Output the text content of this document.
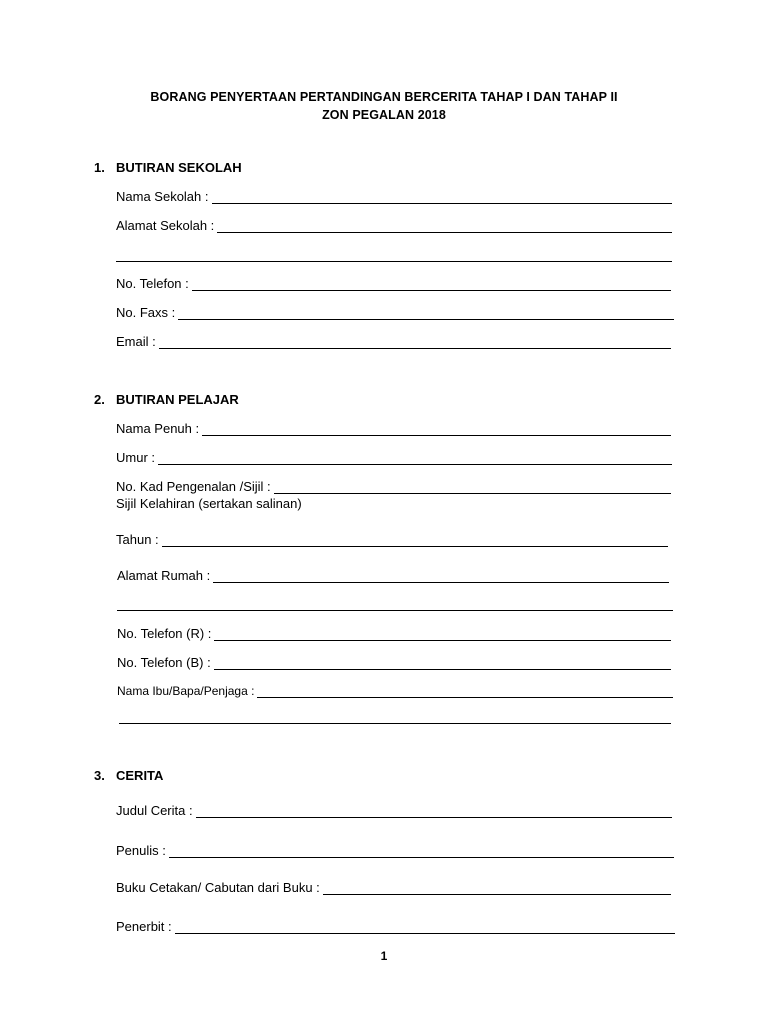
BORANG PENYERTAAN PERTANDINGAN BERCERITA TAHAP I DAN TAHAP II
ZON PEGALAN 2018
1. BUTIRAN SEKOLAH
Nama Sekolah :
Alamat Sekolah :
No. Telefon :
No. Faxs :
Email :
2. BUTIRAN PELAJAR
Nama Penuh :
Umur :
No. Kad Pengenalan /Sijil :
Sijil Kelahiran (sertakan salinan)
Tahun :
Alamat Rumah :
No. Telefon (R) :
No. Telefon (B) :
Nama Ibu/Bapa/Penjaga :
3. CERITA
Judul Cerita :
Penulis :
Buku Cetakan/ Cabutan dari Buku :
Penerbit :
1
